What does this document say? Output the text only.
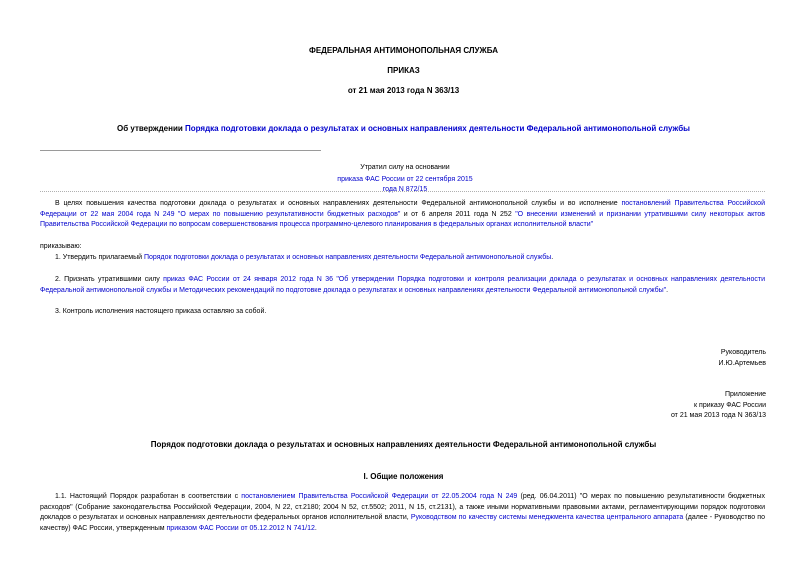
ФЕДЕРАЛЬНАЯ АНТИМОНОПОЛЬНАЯ СЛУЖБА
ПРИКАЗ
от 21 мая 2013 года N 363/13
Об утверждении Порядка подготовки доклада о результатах и основных направлениях деятельности Федеральной антимонопольной службы
Утратил силу на основании
приказа ФАС России от 22 сентября 2015 года N 872/15
В целях повышения качества подготовки доклада о результатах и основных направлениях деятельности Федеральной антимонопольной службы и во исполнение постановлений Правительства Российской Федерации от 22 мая 2004 года N 249 "О мерах по повышению результативности бюджетных расходов" и от 6 апреля 2011 года N 252 "О внесении изменений и признании утратившими силу некоторых актов Правительства Российской Федерации по вопросам совершенствования процесса программно-целевого планирования в федеральных органах исполнительной власти"
приказываю:
1. Утвердить прилагаемый Порядок подготовки доклада о результатах и основных направлениях деятельности Федеральной антимонопольной службы.
2. Признать утратившими силу приказ ФАС России от 24 января 2012 года N 36 "Об утверждении Порядка подготовки и контроля реализации доклада о результатах и основных направлениях деятельности Федеральной антимонопольной службы и Методических рекомендаций по подготовке доклада о результатах и основных направлениях деятельности Федеральной антимонопольной службы".
3. Контроль исполнения настоящего приказа оставляю за собой.
Руководитель
И.Ю.Артемьев
Приложение
к приказу ФАС России
от 21 мая 2013 года N 363/13
Порядок подготовки доклада о результатах и основных направлениях деятельности Федеральной антимонопольной службы
I. Общие положения
1.1. Настоящий Порядок разработан в соответствии с постановлением Правительства Российской Федерации от 22.05.2004 года N 249 (ред. 06.04.2011) "О мерах по повышению результативности бюджетных расходов" (Собрание законодательства Российской Федерации, 2004, N 22, ст.2180; 2004 N 52, ст.5502; 2011, N 15, ст.2131), а также иными нормативными правовыми актами, регламентирующими порядок подготовки докладов о результатах и основных направлениях деятельности федеральных органов исполнительной власти, Руководством по качеству системы менеджмента качества центрального аппарата (далее - Руководство по качеству) ФАС России, утвержденным приказом ФАС России от 05.12.2012 N 741/12.
